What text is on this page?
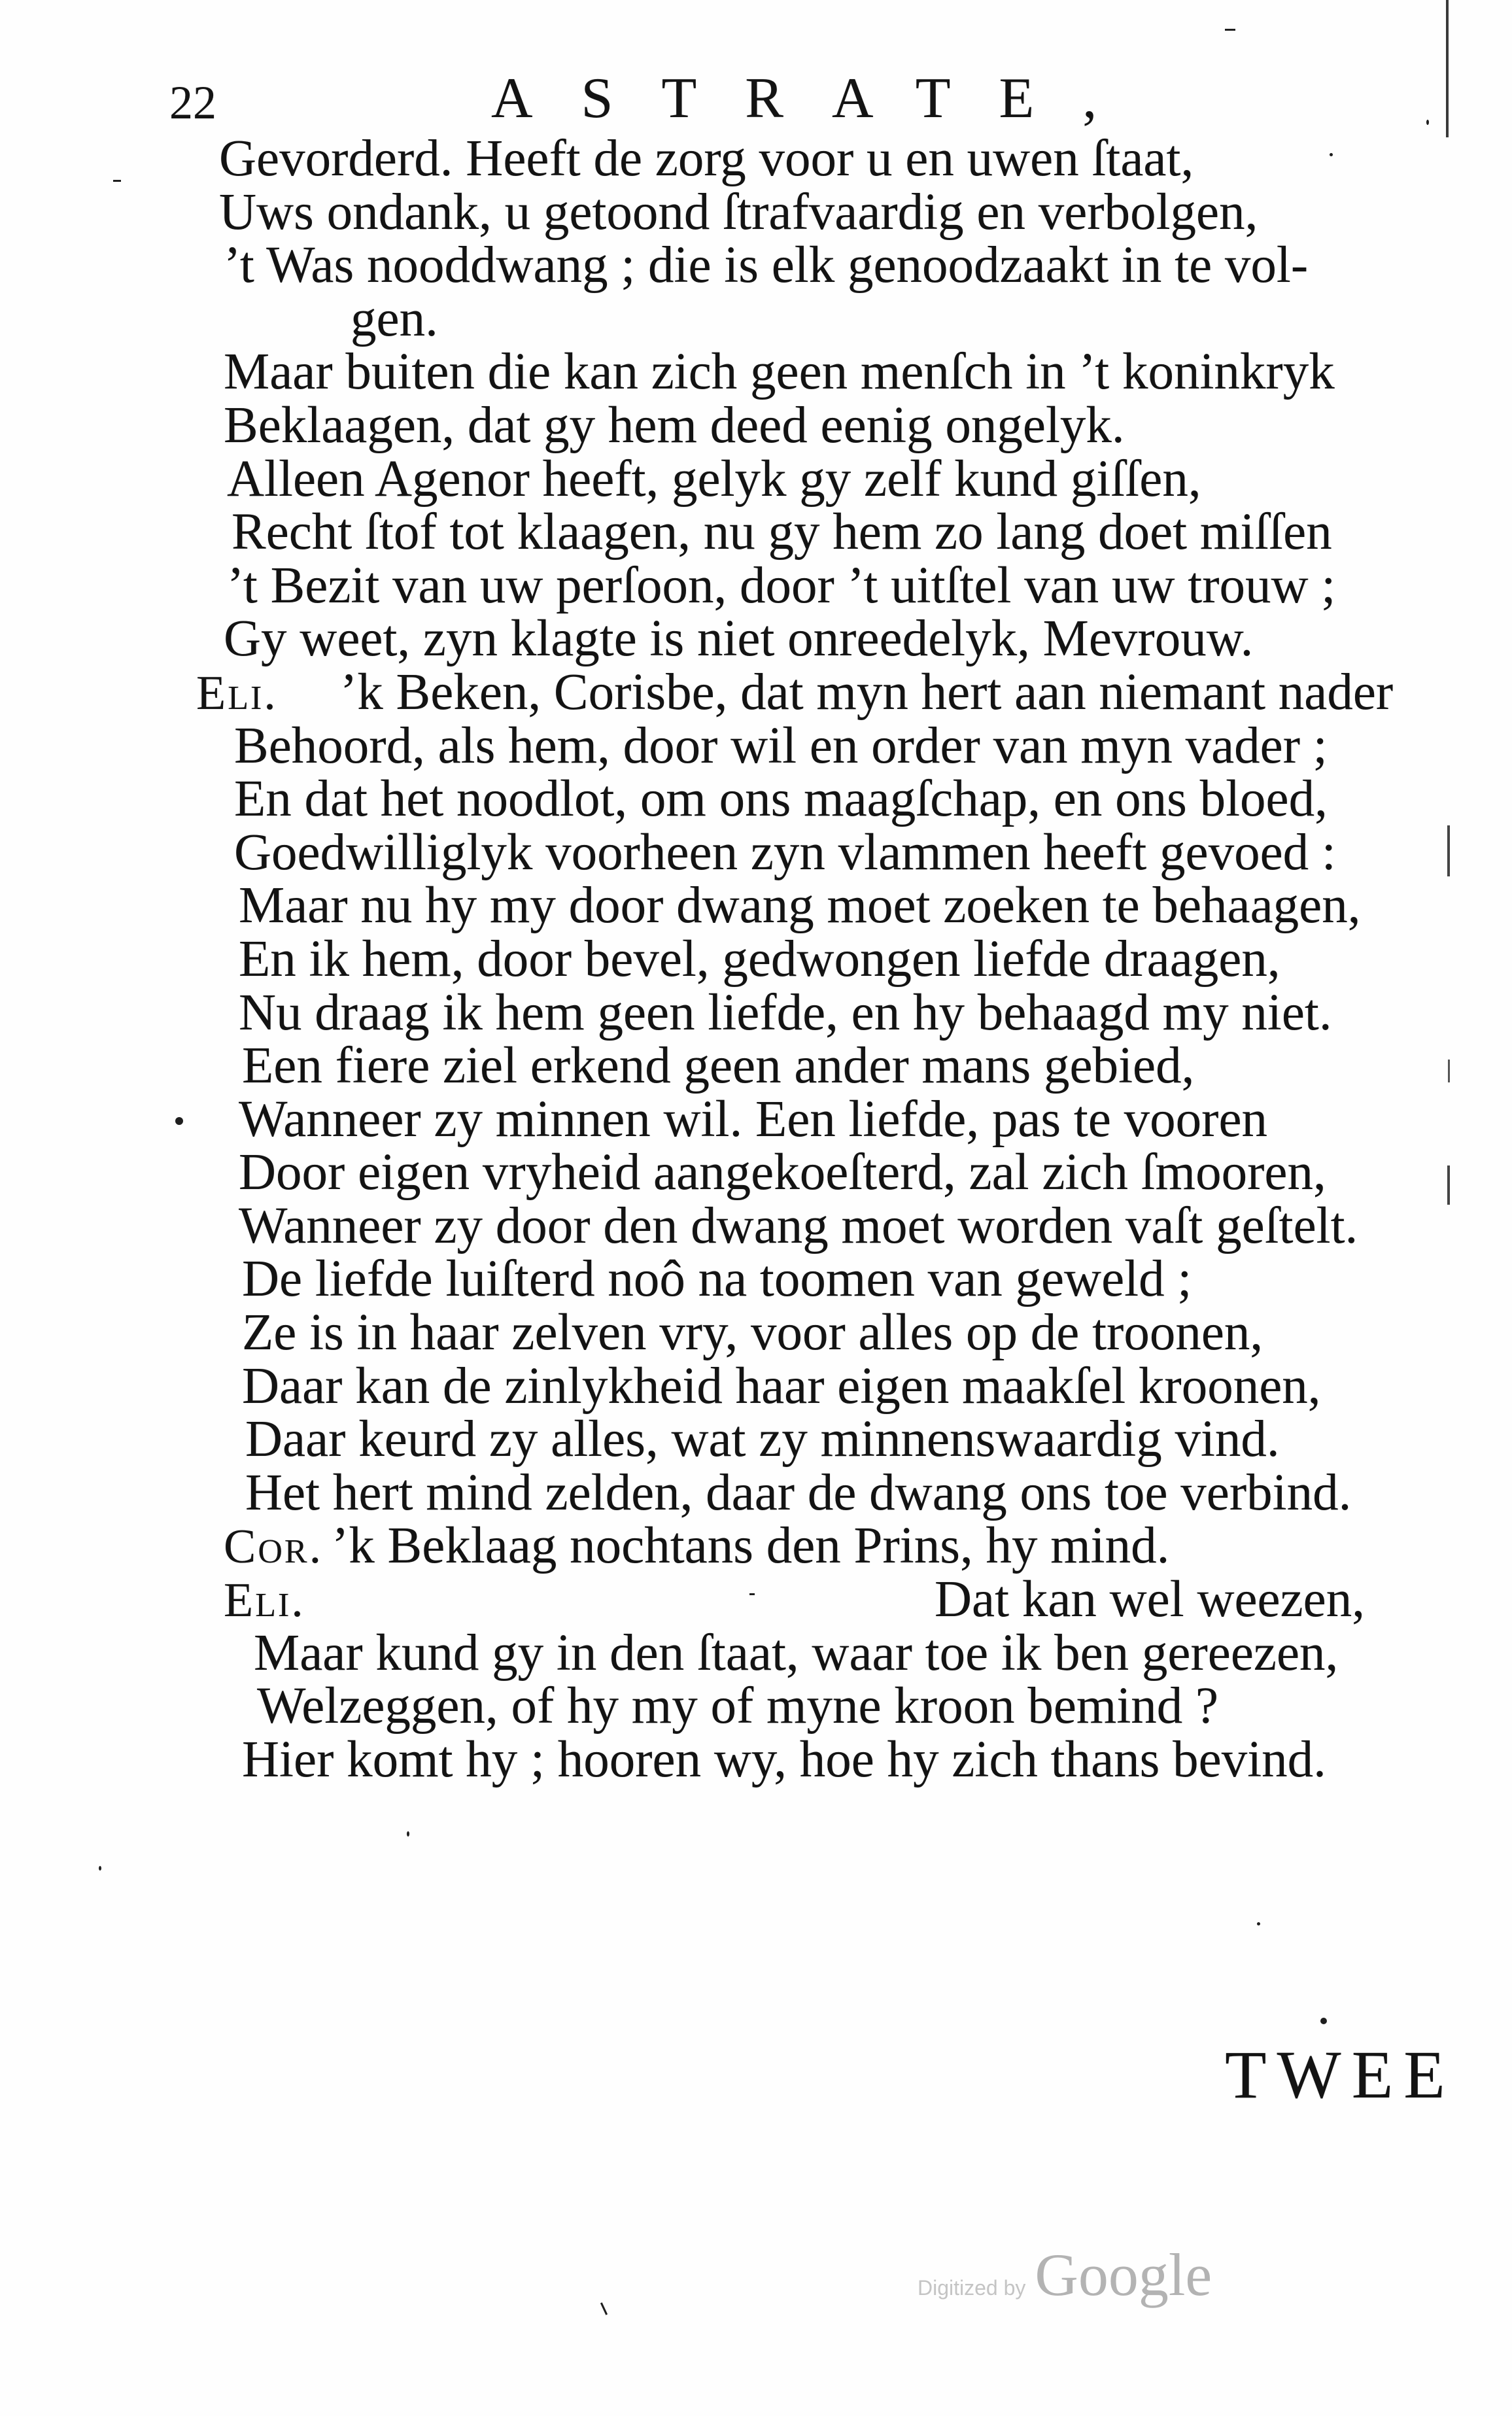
22	ASTRATE,
Gevorderd. Heeft de zorg voor u en uwen ſtaat,
Uws ondank, u getoond ſtrafvaardig en verbolgen,
’t Was nooddwang ; die is elk genoodzaakt in te vol-
gen.
Maar buiten die kan zich geen menſch in ’t koninkryk
Beklaagen, dat gy hem deed eenig ongelyk.
Alleen Agenor heeft, gelyk gy zelf kund giſſen,
Recht ſtof tot klaagen, nu gy hem zo lang doet miſſen
’t Bezit van uw perſoon, door ’t uitſtel van uw trouw ;
Gy weet, zyn klagte is niet onreedelyk, Mevrouw.
Eli. ’k Beken, Corisbe, dat myn hert aan niemant nader
Behoord, als hem, door wil en order van myn vader ;
En dat het noodlot, om ons maagſchap, en ons bloed,
Goedwilliglyk voorheen zyn vlammen heeft gevoed :
Maar nu hy my door dwang moet zoeken te behaagen,
En ik hem, door bevel, gedwongen liefde draagen,
Nu draag ik hem geen liefde, en hy behaagd my niet.
Een fiere ziel erkend geen ander mans gebied,
Wanneer zy minnen wil. Een liefde, pas te vooren
Door eigen vryheid aangekoeſterd, zal zich ſmooren,
Wanneer zy door den dwang moet worden vaſt geſtelt.
De liefde luiſterd noô na toomen van geweld ;
Ze is in haar zelven vry, voor alles op de troonen,
Daar kan de zinlykheid haar eigen maakſel kroonen,
Daar keurd zy alles, wat zy minnenswaardig vind.
Het hert mind zelden, daar de dwang ons toe verbind.
Cor. ’k Beklaag nochtans den Prins, hy mind.
Eli.	Dat kan wel weezen,
Maar kund gy in den ſtaat, waar toe ik ben gereezen,
Welzeggen, of hy my of myne kroon bemind ?
Hier komt hy ; hooren wy, hoe hy zich thans bevind.
TWEE
Digitized by Google
